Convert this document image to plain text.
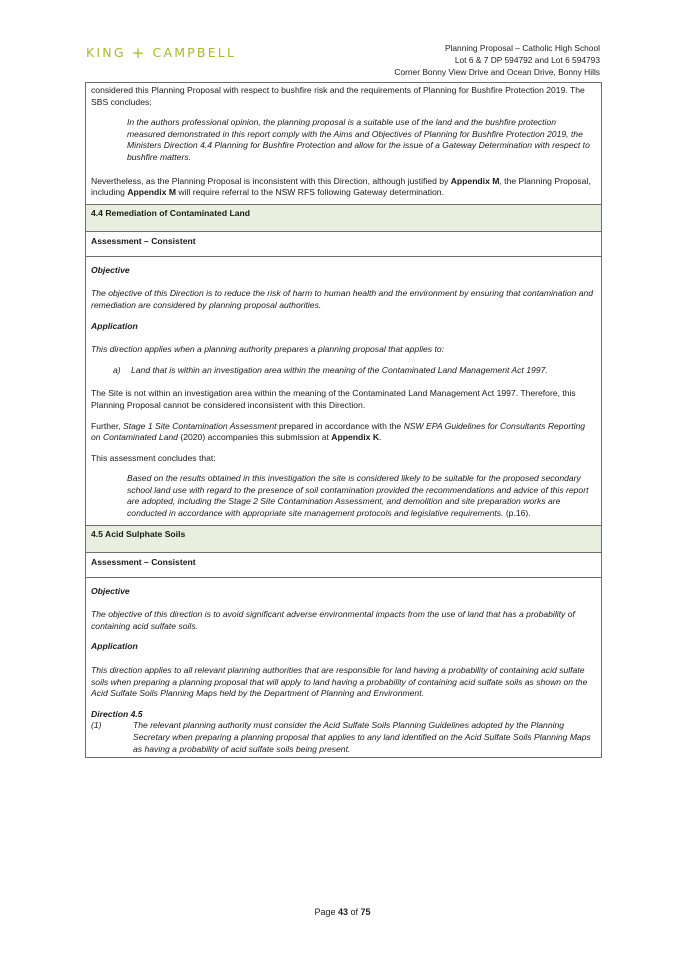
KING + CAMPBELL	Planning Proposal – Catholic High School
Lot 6 & 7 DP 594792 and Lot 6 594793
Corner Bonny View Drive and Ocean Drive, Bonny Hills

considered this Planning Proposal with respect to bushfire risk and the requirements of Planning for Bushfire Protection 2019. The SBS concludes:

In the authors professional opinion, the planning proposal is a suitable use of the land and the bushfire protection measured demonstrated in this report comply with the Aims and Objectives of Planning for Bushfire Protection 2019, the Ministers Direction 4.4 Planning for Bushfire Protection and allow for the issue of a Gateway Determination with respect to bushfire matters.

Nevertheless, as the Planning Proposal is inconsistent with this Direction, although justified by Appendix M, the Planning Proposal, including Appendix M will require referral to the NSW RFS following Gateway determination.

4.4 Remediation of Contaminated Land
Assessment – Consistent
Objective

The objective of this Direction is to reduce the risk of harm to human health and the environment by ensuring that contamination and remediation are considered by planning proposal authorities.

Application

This direction applies when a planning authority prepares a planning proposal that applies to:

a)	Land that is within an investigation area within the meaning of the Contaminated Land Management Act 1997.

The Site is not within an investigation area within the meaning of the Contaminated Land Management Act 1997. Therefore, this Planning Proposal cannot be considered inconsistent with this Direction.

Further, Stage 1 Site Contamination Assessment prepared in accordance with the NSW EPA Guidelines for Consultants Reporting on Contaminated Land (2020) accompanies this submission at Appendix K.

This assessment concludes that:

Based on the results obtained in this investigation the site is considered likely to be suitable for the proposed secondary school land use with regard to the presence of soil contamination provided the recommendations and advice of this report are adopted, including the Stage 2 Site Contamination Assessment, and demolition and site preparation works are conducted in accordance with appropriate site management protocols and legislative requirements. (p.16).
4.5 Acid Sulphate Soils
Assessment – Consistent
Objective

The objective of this direction is to avoid significant adverse environmental impacts from the use of land that has a probability of containing acid sulfate soils.

Application

This direction applies to all relevant planning authorities that are responsible for land having a probability of containing acid sulfate soils when preparing a planning proposal that will apply to land having a probability of containing acid sulfate soils as shown on the Acid Sulfate Soils Planning Maps held by the Department of Planning and Environment.

Direction 4.5
(1)	The relevant planning authority must consider the Acid Sulfate Soils Planning Guidelines adopted by the Planning Secretary when preparing a planning proposal that applies to any land identified on the Acid Sulfate Soils Planning Maps as having a probability of acid sulfate soils being present.
Page 43 of 75
